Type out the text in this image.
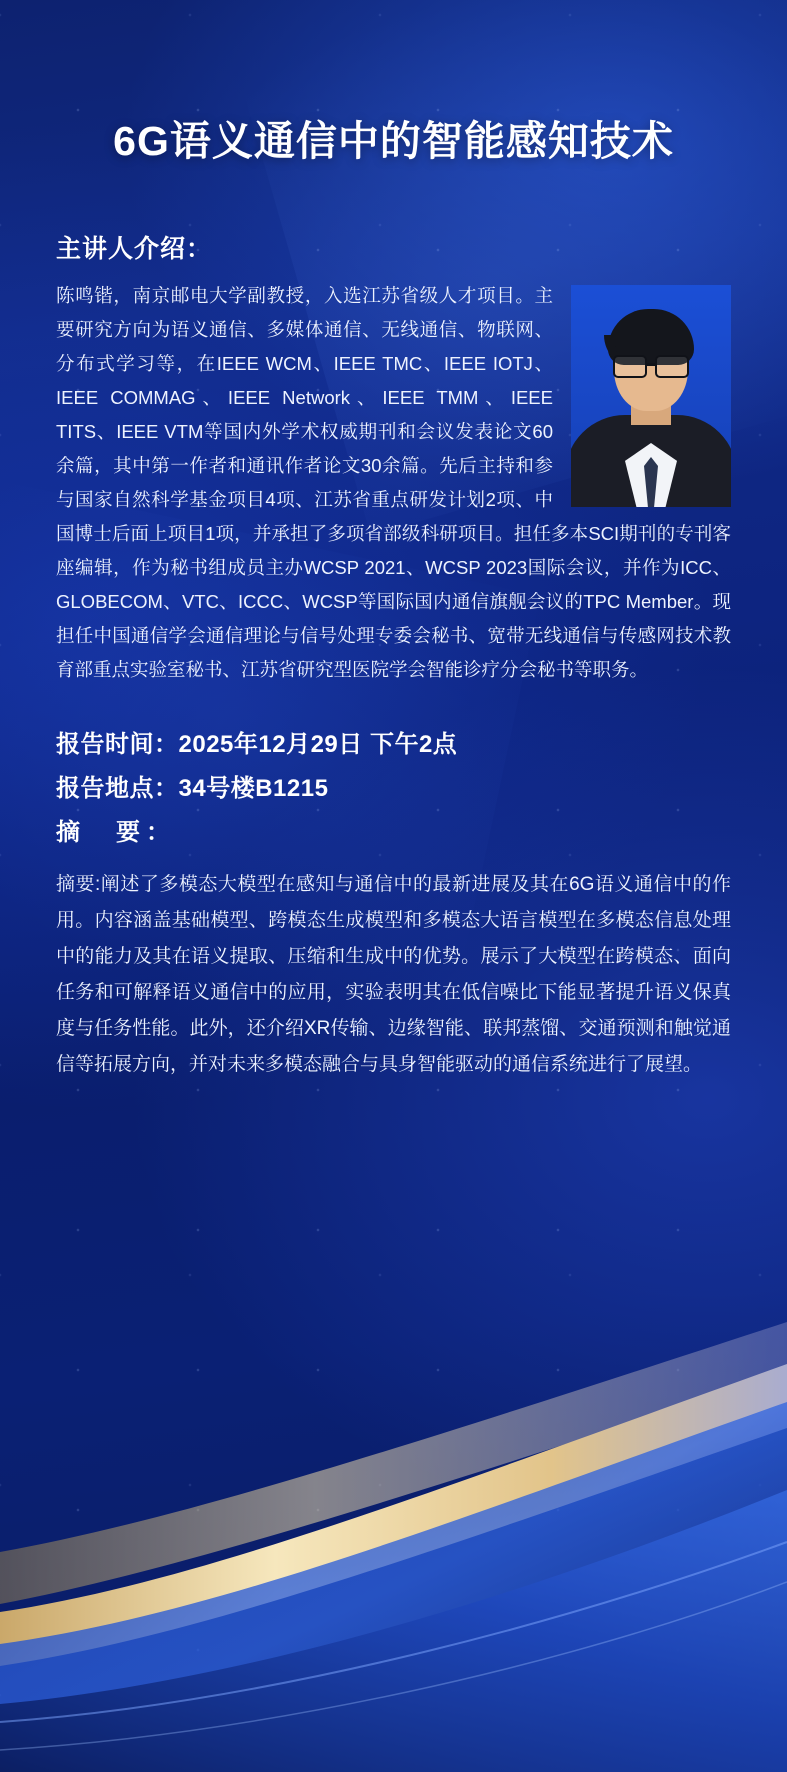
6G语义通信中的智能感知技术
主讲人介绍：
陈鸣锴，南京邮电大学副教授，入选江苏省级人才项目。主要研究方向为语义通信、多媒体通信、无线通信、物联网、分布式学习等，在IEEE WCM、IEEE TMC、IEEE IOTJ、IEEE COMMAG、IEEE Network、IEEE TMM、IEEE TITS、IEEE VTM等国内外学术权威期刊和会议发表论文60余篇，其中第一作者和通讯作者论文30余篇。先后主持和参与国家自然科学基金项目4项、江苏省重点研发计划2项、中国博士后面上项目1项，并承担了多项省部级科研项目。担任多本SCI期刊的专刊客座编辑，作为秘书组成员主办WCSP 2021、WCSP 2023国际会议，并作为ICC、GLOBECOM、VTC、ICCC、WCSP等国际国内通信旗舰会议的TPC Member。现担任中国通信学会通信理论与信号处理专委会秘书、宽带无线通信与传感网技术教育部重点实验室秘书、江苏省研究型医院学会智能诊疗分会秘书等职务。
报告时间：2025年12月29日 下午2点
报告地点：34号楼B1215
摘　要：
摘要:阐述了多模态大模型在感知与通信中的最新进展及其在6G语义通信中的作用。内容涵盖基础模型、跨模态生成模型和多模态大语言模型在多模态信息处理中的能力及其在语义提取、压缩和生成中的优势。展示了大模型在跨模态、面向任务和可解释语义通信中的应用，实验表明其在低信噪比下能显著提升语义保真度与任务性能。此外，还介绍XR传输、边缘智能、联邦蒸馏、交通预测和触觉通信等拓展方向，并对未来多模态融合与具身智能驱动的通信系统进行了展望。
